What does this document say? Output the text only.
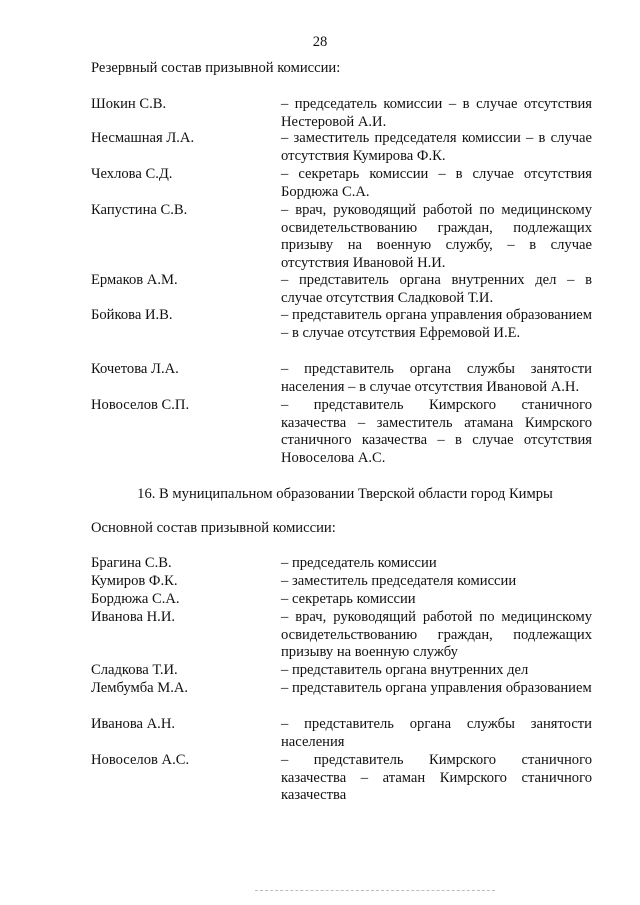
28
Резервный состав призывной комиссии:
Шокин С.В.	– председатель комиссии – в случае отсутствия Нестеровой А.И.
Несмашная Л.А.	– заместитель председателя комиссии – в случае отсутствия Кумирова Ф.К.
Чехлова С.Д.	– секретарь комиссии – в случае отсутствия Бордюжа С.А.
Капустина С.В.	– врач, руководящий работой по медицинскому освидетельствованию граждан, подлежащих призыву на военную службу, – в случае отсутствия Ивановой Н.И.
Ермаков А.М.	– представитель органа внутренних дел – в случае отсутствия Сладковой Т.И.
Бойкова И.В.	– представитель органа управления образованием – в случае отсутствия Ефремовой И.Е.
Кочетова Л.А.	– представитель органа службы занятости населения – в случае отсутствия Ивановой А.Н.
Новоселов С.П.	– представитель Кимрского станичного казачества – заместитель атамана Кимрского станичного казачества – в случае отсутствия Новоселова А.С.
16. В муниципальном образовании Тверской области город Кимры
Основной состав призывной комиссии:
Брагина С.В.	– председатель комиссии
Кумиров Ф.К.	– заместитель председателя комиссии
Бордюжа С.А.	– секретарь комиссии
Иванова Н.И.	– врач, руководящий работой по медицинскому освидетельствованию граждан, подлежащих призыву на военную службу
Сладкова Т.И.	– представитель органа внутренних дел
Лембумба М.А.	– представитель органа управления образованием
Иванова А.Н.	– представитель органа службы занятости населения
Новоселов А.С.	– представитель Кимрского станичного казачества – атаман Кимрского станичного казачества
